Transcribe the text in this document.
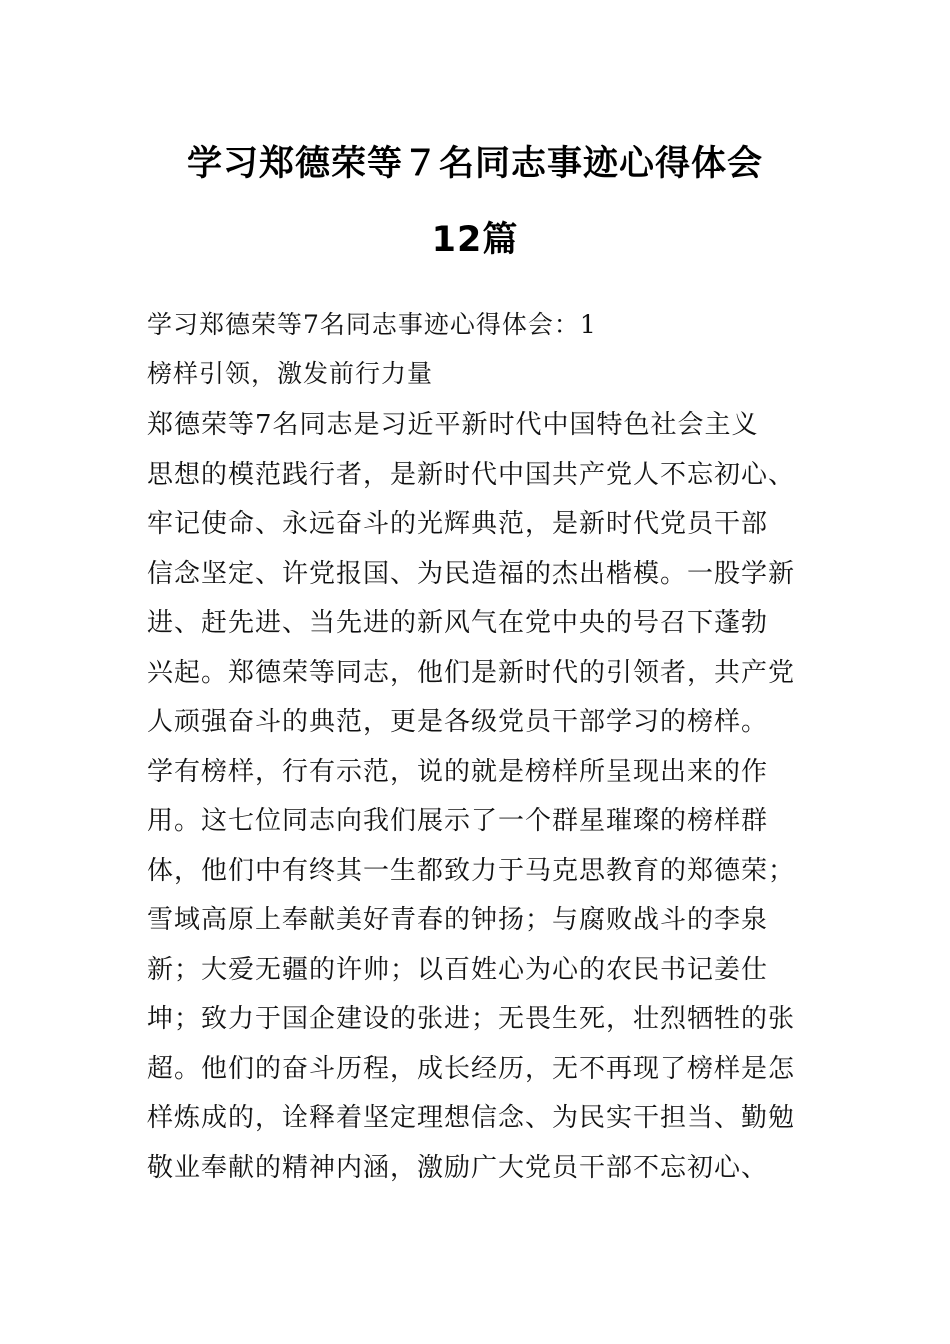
学习郑德荣等７名同志事迹心得体会
12篇
学习郑德荣等7名同志事迹心得体会：1
榜样引领，激发前行力量
郑德荣等7名同志是习近平新时代中国特色社会主义
思想的模范践行者，是新时代中国共产党人不忘初心、
牢记使命、永远奋斗的光辉典范，是新时代党员干部
信念坚定、许党报国、为民造福的杰出楷模。一股学新
进、赶先进、当先进的新风气在党中央的号召下蓬勃
兴起。郑德荣等同志，他们是新时代的引领者，共产党
人顽强奋斗的典范，更是各级党员干部学习的榜样。
学有榜样，行有示范，说的就是榜样所呈现出来的作
用。这七位同志向我们展示了一个群星璀璨的榜样群
体，他们中有终其一生都致力于马克思教育的郑德荣；
雪域高原上奉献美好青春的钟扬；与腐败战斗的李泉
新；大爱无疆的许帅；以百姓心为心的农民书记姜仕
坤；致力于国企建设的张进；无畏生死，壮烈牺牲的张
超。他们的奋斗历程，成长经历，无不再现了榜样是怎
样炼成的，诠释着坚定理想信念、为民实干担当、勤勉
敬业奉献的精神内涵，激励广大党员干部不忘初心、
